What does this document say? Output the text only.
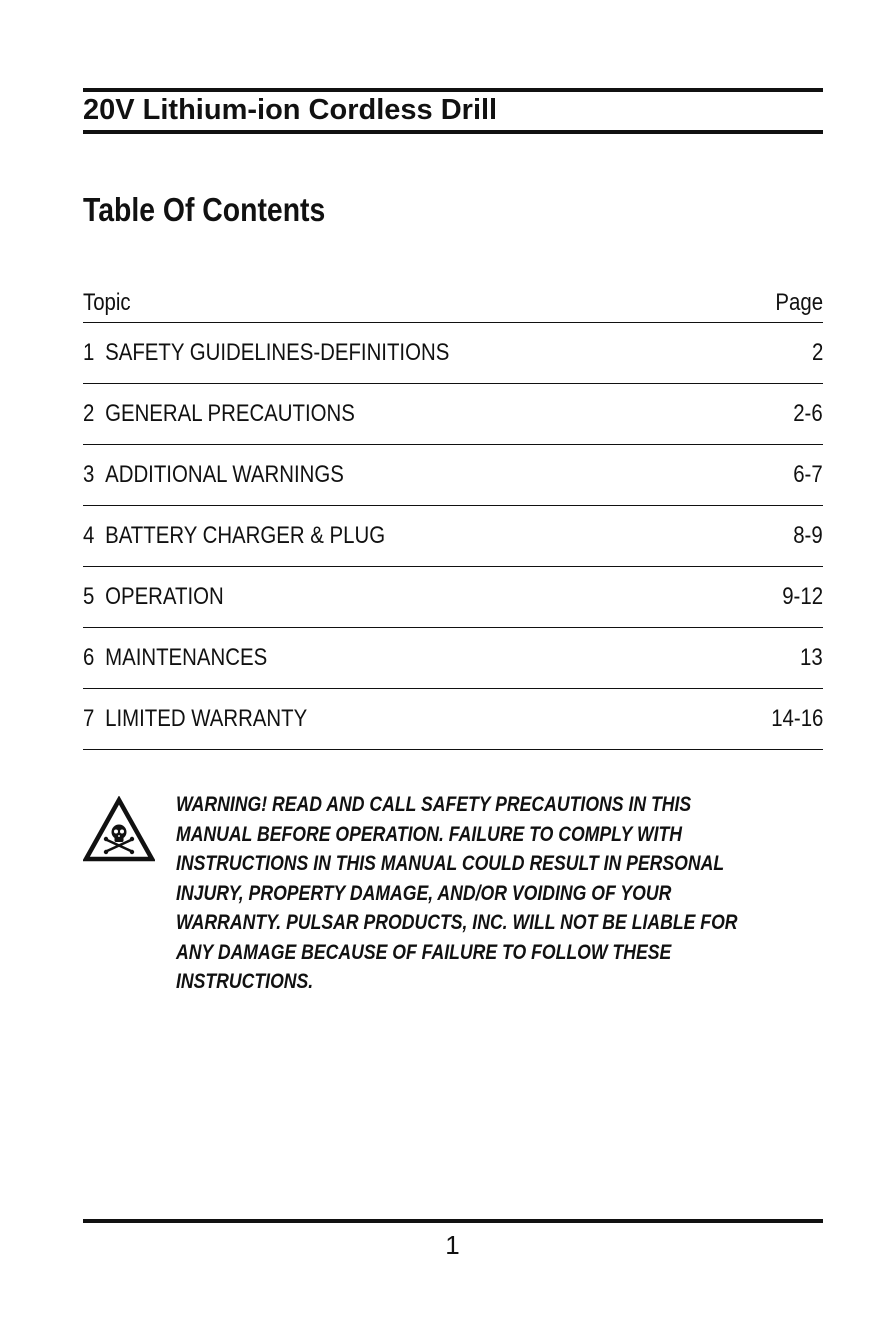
20V Lithium-ion Cordless Drill
Table Of Contents
Topic	Page
1 SAFETY GUIDELINES-DEFINITIONS	2
2 GENERAL PRECAUTIONS	2-6
3 ADDITIONAL WARNINGS	6-7
4 BATTERY CHARGER & PLUG	8-9
5 OPERATION	9-12
6 MAINTENANCES	13
7 LIMITED WARRANTY	14-16
WARNING! READ AND CALL SAFETY PRECAUTIONS IN THIS
MANUAL BEFORE OPERATION. FAILURE TO COMPLY WITH
INSTRUCTIONS IN THIS MANUAL COULD RESULT IN PERSONAL
INJURY, PROPERTY DAMAGE, AND/OR VOIDING OF YOUR
WARRANTY. PULSAR PRODUCTS, INC. WILL NOT BE LIABLE FOR
ANY DAMAGE BECAUSE OF FAILURE TO FOLLOW THESE
INSTRUCTIONS.
1
